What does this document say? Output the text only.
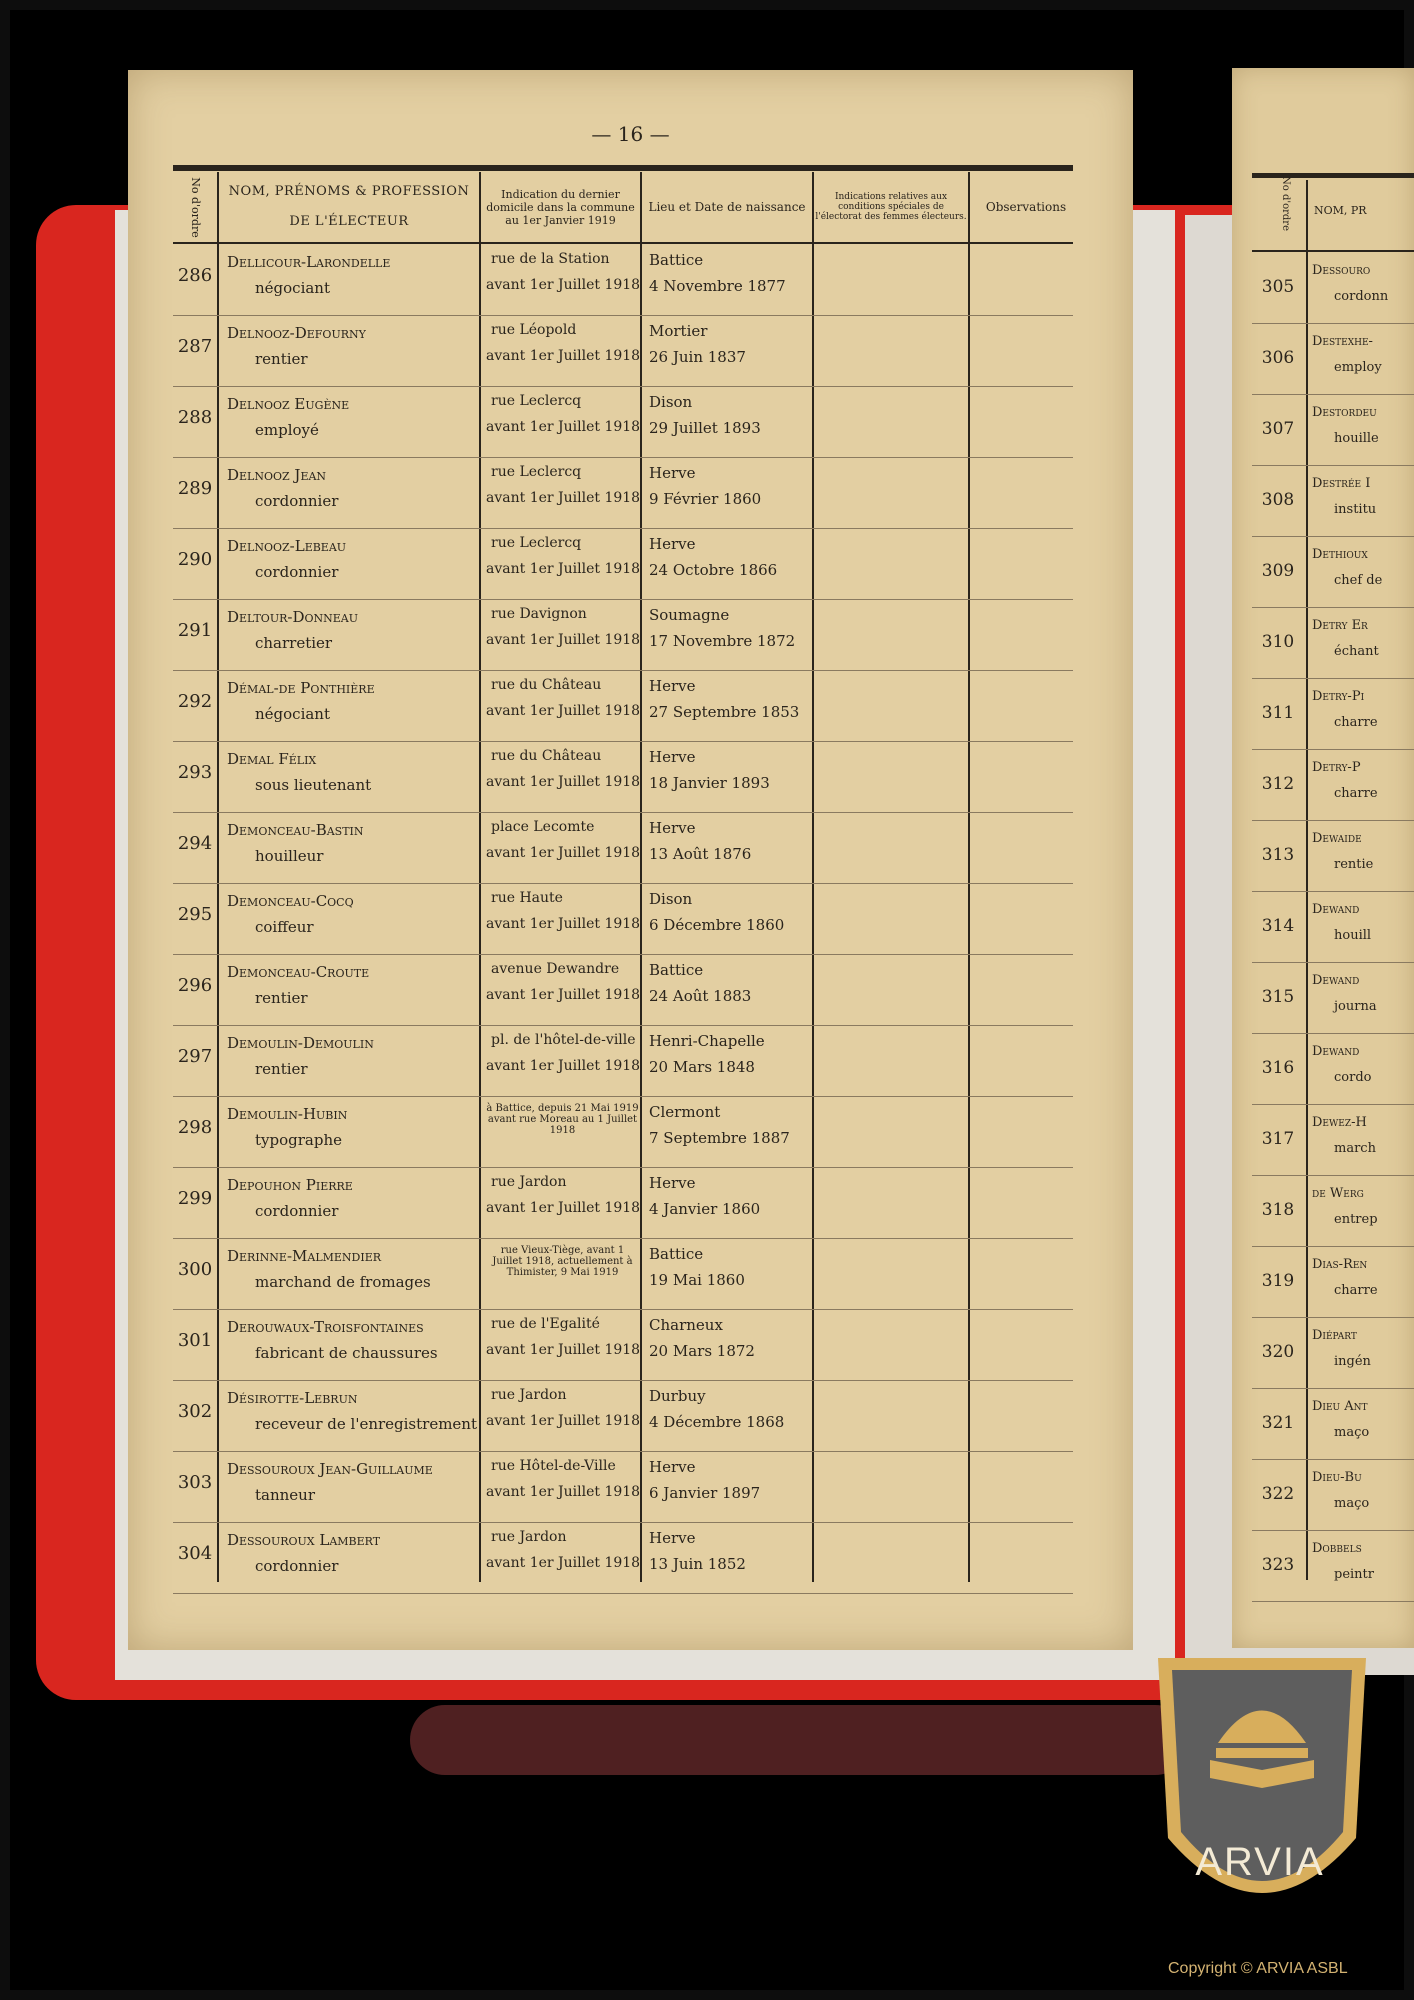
— 16 —
No d'ordre NOM, PRÉNOMS & PROFESSION
DE L'ÉLECTEUR
Indication du dernier domicile dans la commune au 1er Janvier 1919
Lieu et Date de naissance
Indications relatives aux conditions spéciales de l'électorat des femmes électeurs.
Observations
286
Dellicour-Larondelle
négociant
rue de la Station
avant 1er Juillet 1918
Battice
4 Novembre 1877
287
Delnooz-Defourny
rentier
rue Léopold
avant 1er Juillet 1918
Mortier
26 Juin 1837
288
Delnooz Eugène
employé
rue Leclercq
avant 1er Juillet 1918
Dison
29 Juillet 1893
289
Delnooz Jean
cordonnier
rue Leclercq
avant 1er Juillet 1918
Herve
9 Février 1860
290
Delnooz-Lebeau
cordonnier
rue Leclercq
avant 1er Juillet 1918
Herve
24 Octobre 1866
291
Deltour-Donneau
charretier
rue Davignon
avant 1er Juillet 1918
Soumagne
17 Novembre 1872
292
Démal-de Ponthière
négociant
rue du Château
avant 1er Juillet 1918
Herve
27 Septembre 1853
293
Demal Félix
sous lieutenant
rue du Château
avant 1er Juillet 1918
Herve
18 Janvier 1893
294
Demonceau-Bastin
houilleur
place Lecomte
avant 1er Juillet 1918
Herve
13 Août 1876
295
Demonceau-Cocq
coiffeur
rue Haute
avant 1er Juillet 1918
Dison
6 Décembre 1860
296
Demonceau-Croute
rentier
avenue Dewandre
avant 1er Juillet 1918
Battice
24 Août 1883
297
Demoulin-Demoulin
rentier
pl. de l'hôtel-de-ville
avant 1er Juillet 1918
Henri-Chapelle
20 Mars 1848
298
Demoulin-Hubin
typographe
à Battice, depuis 21 Mai 1919 avant rue Moreau au 1 Juillet 1918
Clermont
7 Septembre 1887
299
Depouhon Pierre
cordonnier
rue Jardon
avant 1er Juillet 1918
Herve
4 Janvier 1860
300
Derinne-Malmendier
marchand de fromages
rue Vieux-Tiège, avant 1 Juillet 1918, actuellement à Thimister, 9 Mai 1919
Battice
19 Mai 1860
301
Derouwaux-Troisfontaines
fabricant de chaussures
rue de l'Egalité
avant 1er Juillet 1918
Charneux
20 Mars 1872
302
Désirotte-Lebrun
receveur de l'enregistrement
rue Jardon
avant 1er Juillet 1918
Durbuy
4 Décembre 1868
303
Dessouroux Jean-Guillaume
tanneur
rue Hôtel-de-Ville
avant 1er Juillet 1918
Herve
6 Janvier 1897
304
Dessouroux Lambert
cordonnier
rue Jardon
avant 1er Juillet 1918
Herve
13 Juin 1852
No d'ordre NOM, PR
305
Dessouro
cordonn
306
Destexhe-
employ
307
Destordeu
houille
308
Destrée I
institu
309
Dethioux
chef de
310
Detry Er
échant
311
Detry-Pi
charre
312
Detry-P
charre
313
Dewaide
rentie
314
Dewand
houill
315
Dewand
journa
316
Dewand
cordo
317
Dewez-H
march
318
de Werg
entrep
319
Dias-Ren
charre
320
Diépart
ingén
321
Dieu Ant
maço
322
Dieu-Bu
maço
323
Dobbels
peintr
ARVIA
Copyright © ARVIA ASBL
